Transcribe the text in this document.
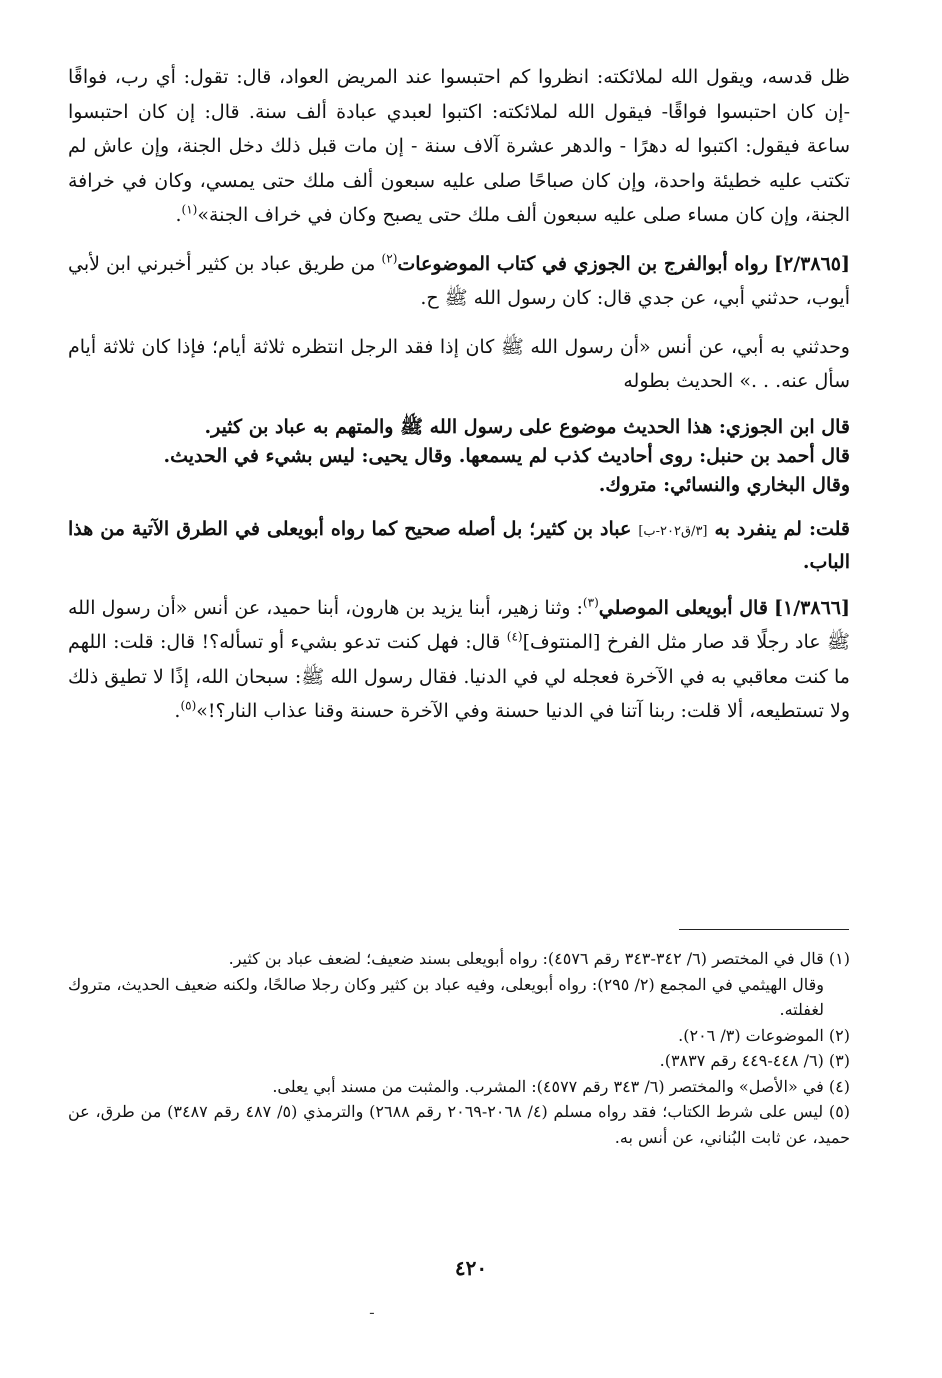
ظل قدسه، ويقول الله لملائكته: انظروا كم احتبسوا عند المريض العواد، قال: تقول: أي رب، فواقًا -إن كان احتبسوا فواقًا- فيقول الله لملائكته: اكتبوا لعبدي عبادة ألف سنة. قال: إن كان احتبسوا ساعة فيقول: اكتبوا له دهرًا - والدهر عشرة آلاف سنة - إن مات قبل ذلك دخل الجنة، وإن عاش لم تكتب عليه خطيئة واحدة، وإن كان صباحًا صلى عليه سبعون ألف ملك حتى يمسي، وكان في خرافة الجنة، وإن كان مساء صلى عليه سبعون ألف ملك حتى يصبح وكان في خراف الجنة»$^{(١)}$.

[٢/٣٨٦٥] رواه أبوالفرج بن الجوزي في كتاب الموضوعات$^{(٢)}$ من طريق عباد بن كثير أخبرني ابن لأبي أيوب، حدثني أبي، عن جدي قال: كان رسول الله ﷺ ح.

وحدثني به أبي، عن أنس «أن رسول الله ﷺ كان إذا فقد الرجل انتظره ثلاثة أيام؛ فإذا كان ثلاثة أيام سأل عنه. . .» الحديث بطوله

قال ابن الجوزي: هذا الحديث موضوع على رسول الله ﷺ والمتهم به عباد بن كثير.
قال أحمد بن حنبل: روى أحاديث كذب لم يسمعها. وقال يحيى: ليس بشيء في الحديث.
وقال البخاري والنسائي: متروك.

قلت: لم ينفرد به [٣/ق٢٠٢-ب] عباد بن كثير؛ بل أصله صحيح كما رواه أبويعلى في الطرق الآتية من هذا الباب.

[١/٣٨٦٦] قال أبويعلى الموصلي$^{(٣)}$: وثنا زهير، أبنا يزيد بن هارون، أبنا حميد، عن أنس «أن رسول الله ﷺ عاد رجلًا قد صار مثل الفرخ [المنتوف]$^{(٤)}$ قال: فهل كنت تدعو بشيء أو تسأله؟! قال: قلت: اللهم ما كنت معاقبي به في الآخرة فعجله لي في الدنيا. فقال رسول الله ﷺ: سبحان الله، إذًا لا تطيق ذلك ولا تستطيعه، ألا قلت: ربنا آتنا في الدنيا حسنة وفي الآخرة حسنة وقنا عذاب النار؟!»$^{(٥)}$.

(١) قال في المختصر (٦/ ٣٤٢-٣٤٣ رقم ٤٥٧٦): رواه أبويعلى بسند ضعيف؛ لضعف عباد بن كثير.

وقال الهيثمي في المجمع (٢/ ٢٩٥): رواه أبويعلى، وفيه عباد بن كثير وكان رجلا صالحًا، ولكنه ضعيف الحديث، متروك لغفلته.

(٢) الموضوعات (٣/ ٢٠٦).

(٣) (٦/ ٤٤٨-٤٤٩ رقم ٣٨٣٧).

(٤) في «الأصل» والمختصر (٦/ ٣٤٣ رقم ٤٥٧٧): المشرب. والمثبت من مسند أبي يعلى.

(٥) ليس على شرط الكتاب؛ فقد رواه مسلم (٤/ ٢٠٦٨-٢٠٦٩ رقم ٢٦٨٨) والترمذي (٥/ ٤٨٧ رقم ٣٤٨٧) من طرق، عن حميد، عن ثابت البُناني، عن أنس به.

٤٢٠
ـ
